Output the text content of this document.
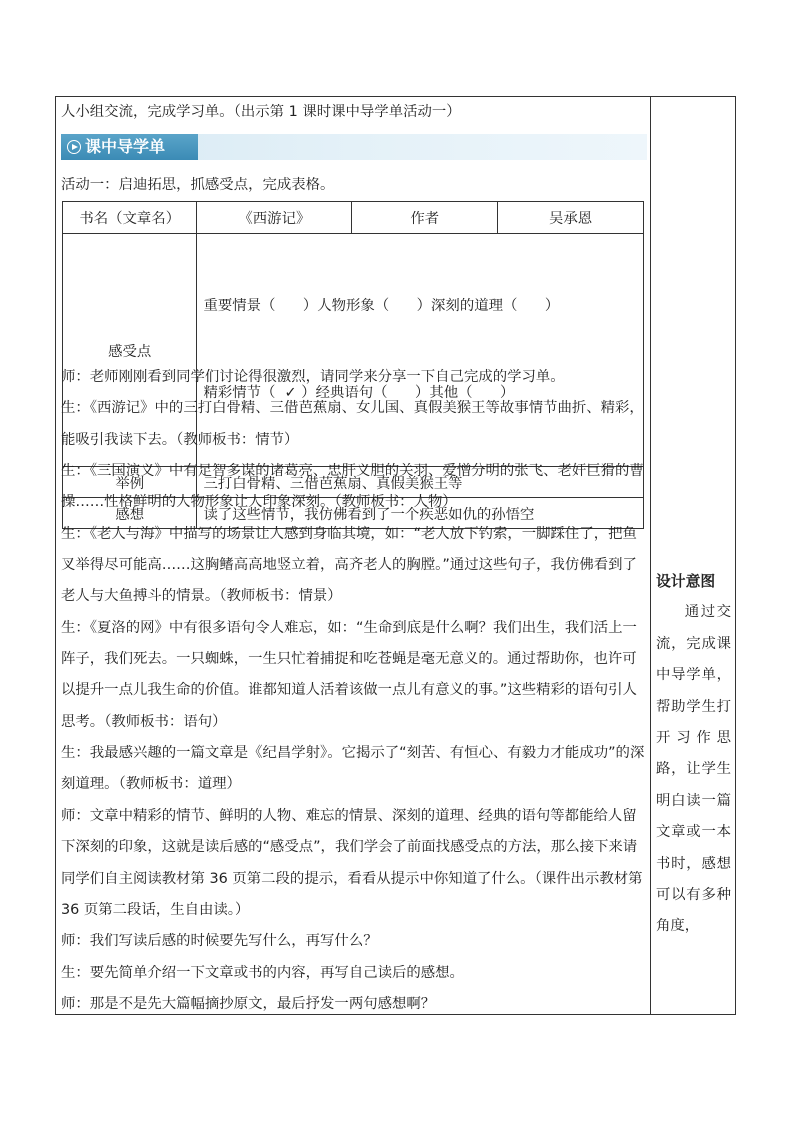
人小组交流，完成学习单。（出示第 1 课时课中导学单活动一）
课中导学单
活动一：启迪拓思，抓感受点，完成表格。
书名（文章名）	《西游记》	作者	吴承恩
感受点	重要情景（      ）人物形象（      ）深刻的道理（      ）

精彩情节（  ✓ ）经典语句（      ）其他（      ）		

举例	三打白骨精、三借芭蕉扇、真假美猴王等		
感想	读了这些情节，我仿佛看到了一个疾恶如仇的孙悟空		
师：老师刚刚看到同学们讨论得很激烈，请同学来分享一下自己完成的学习单。
生：《西游记》中的三打白骨精、三借芭蕉扇、女儿国、真假美猴王等故事情节曲折、精彩，能吸引我读下去。（教师板书：情节）
生：《三国演义》中有足智多谋的诸葛亮、忠肝义胆的关羽、爱憎分明的张飞、老奸巨猾的曹操……性格鲜明的人物形象让人印象深刻。（教师板书：人物）
生：《老人与海》中描写的场景让人感到身临其境，如：“老人放下钓索，一脚踩住了，把鱼叉举得尽可能高……这胸鳍高高地竖立着，高齐老人的胸膛。”通过这些句子，我仿佛看到了老人与大鱼搏斗的情景。（教师板书：情景）
生：《夏洛的网》中有很多语句令人难忘，如：“生命到底是什么啊？我们出生，我们活上一阵子，我们死去。一只蜘蛛，一生只忙着捕捉和吃苍蝇是毫无意义的。通过帮助你，也许可以提升一点儿我生命的价值。谁都知道人活着该做一点儿有意义的事。”这些精彩的语句引人思考。（教师板书：语句）
生：我最感兴趣的一篇文章是《纪昌学射》。它揭示了“刻苦、有恒心、有毅力才能成功”的深刻道理。（教师板书：道理）
师：文章中精彩的情节、鲜明的人物、难忘的情景、深刻的道理、经典的语句等都能给人留下深刻的印象，这就是读后感的“感受点”，我们学会了前面找感受点的方法，那么接下来请同学们自主阅读教材第 36 页第二段的提示，看看从提示中你知道了什么。（课件出示教材第 36 页第二段话，生自由读。）
师：我们写读后感的时候要先写什么，再写什么？
生：要先简单介绍一下文章或书的内容，再写自己读后的感想。
师：那是不是先大篇幅摘抄原文，最后抒发一两句感想啊？
设计意图
通过交流，完成课中导学单，帮助学生打开习作思路，让学生明白读一篇文章或一本书时，感想可以有多种角度，
